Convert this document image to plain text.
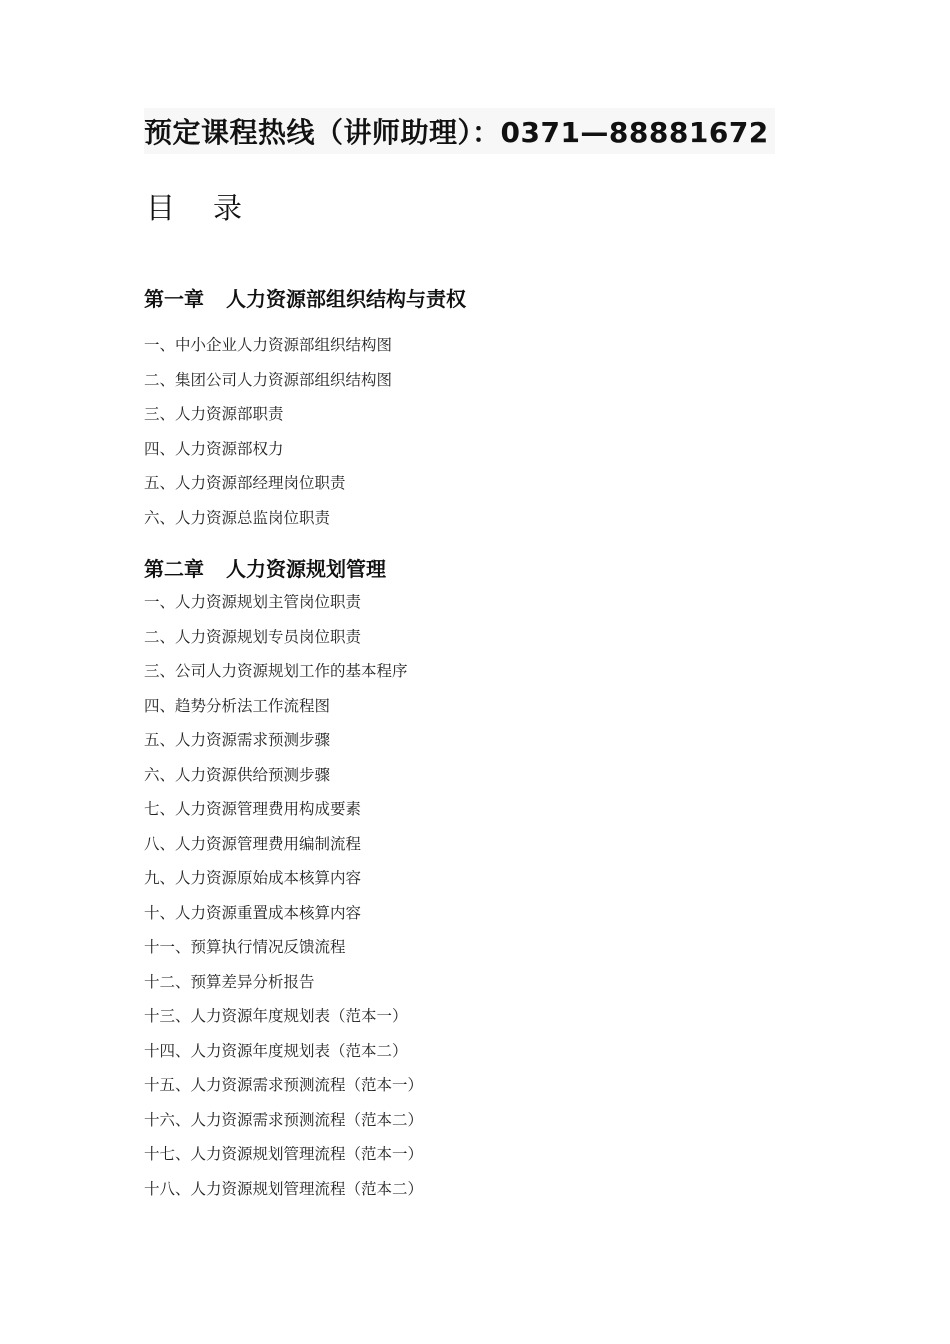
预定课程热线（讲师助理）：0371—88881672
目录
第一章 人力资源部组织结构与责权
一、中小企业人力资源部组织结构图
二、集团公司人力资源部组织结构图
三、人力资源部职责
四、人力资源部权力
五、人力资源部经理岗位职责
六、人力资源总监岗位职责
第二章 人力资源规划管理
一、人力资源规划主管岗位职责
二、人力资源规划专员岗位职责
三、公司人力资源规划工作的基本程序
四、趋势分析法工作流程图
五、人力资源需求预测步骤
六、人力资源供给预测步骤
七、人力资源管理费用构成要素
八、人力资源管理费用编制流程
九、人力资源原始成本核算内容
十、人力资源重置成本核算内容
十一、预算执行情况反馈流程
十二、预算差异分析报告
十三、人力资源年度规划表（范本一）
十四、人力资源年度规划表（范本二）
十五、人力资源需求预测流程（范本一）
十六、人力资源需求预测流程（范本二）
十七、人力资源规划管理流程（范本一）
十八、人力资源规划管理流程（范本二）
